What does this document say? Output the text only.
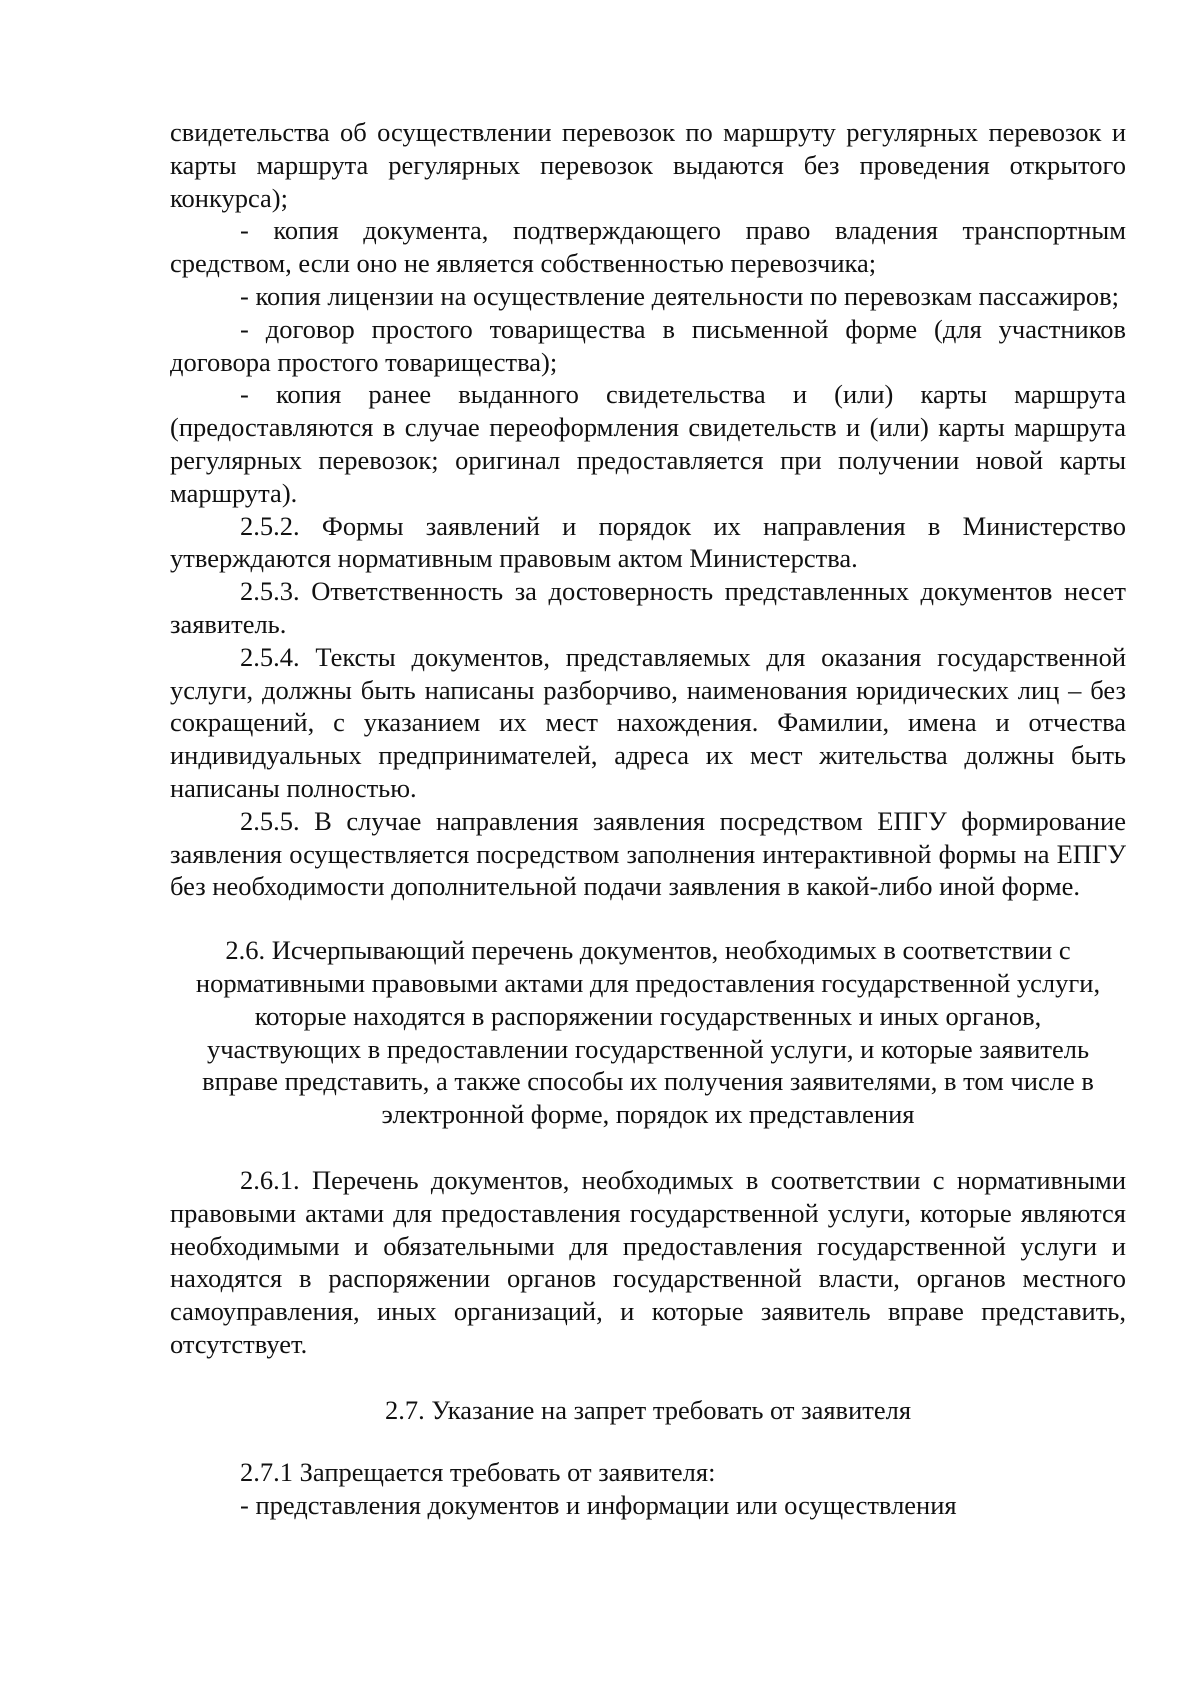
свидетельства об осуществлении перевозок по маршруту регулярных перевозок и карты маршрута регулярных перевозок выдаются без проведения открытого конкурса);

- копия документа, подтверждающего право владения транспортным средством, если оно не является собственностью перевозчика;

- копия лицензии на осуществление деятельности по перевозкам пассажиров;

- договор простого товарищества в письменной форме (для участников договора простого товарищества);

- копия ранее выданного свидетельства и (или) карты маршрута (предоставляются в случае переоформления свидетельств и (или) карты маршрута регулярных перевозок; оригинал предоставляется при получении новой карты маршрута).

2.5.2. Формы заявлений и порядок их направления в Министерство утверждаются нормативным правовым актом Министерства.

2.5.3. Ответственность за достоверность представленных документов несет заявитель.

2.5.4. Тексты документов, представляемых для оказания государственной услуги, должны быть написаны разборчиво, наименования юридических лиц – без сокращений, с указанием их мест нахождения. Фамилии, имена и отчества индивидуальных предпринимателей, адреса их мест жительства должны быть написаны полностью.

2.5.5. В случае направления заявления посредством ЕПГУ формирование заявления осуществляется посредством заполнения интерактивной формы на ЕПГУ без необходимости дополнительной подачи заявления в какой-либо иной форме.

2.6. Исчерпывающий перечень документов, необходимых в соответствии с нормативными правовыми актами для предоставления государственной услуги, которые находятся в распоряжении государственных и иных органов, участвующих в предоставлении государственной услуги, и которые заявитель вправе представить, а также способы их получения заявителями, в том числе в электронной форме, порядок их представления

2.6.1. Перечень документов, необходимых в соответствии с нормативными правовыми актами для предоставления государственной услуги, которые являются необходимыми и обязательными для предоставления государственной услуги и находятся в распоряжении органов государственной власти, органов местного самоуправления, иных организаций, и которые заявитель вправе представить, отсутствует.

2.7. Указание на запрет требовать от заявителя

2.7.1 Запрещается требовать от заявителя:

- представления документов и информации или осуществления
